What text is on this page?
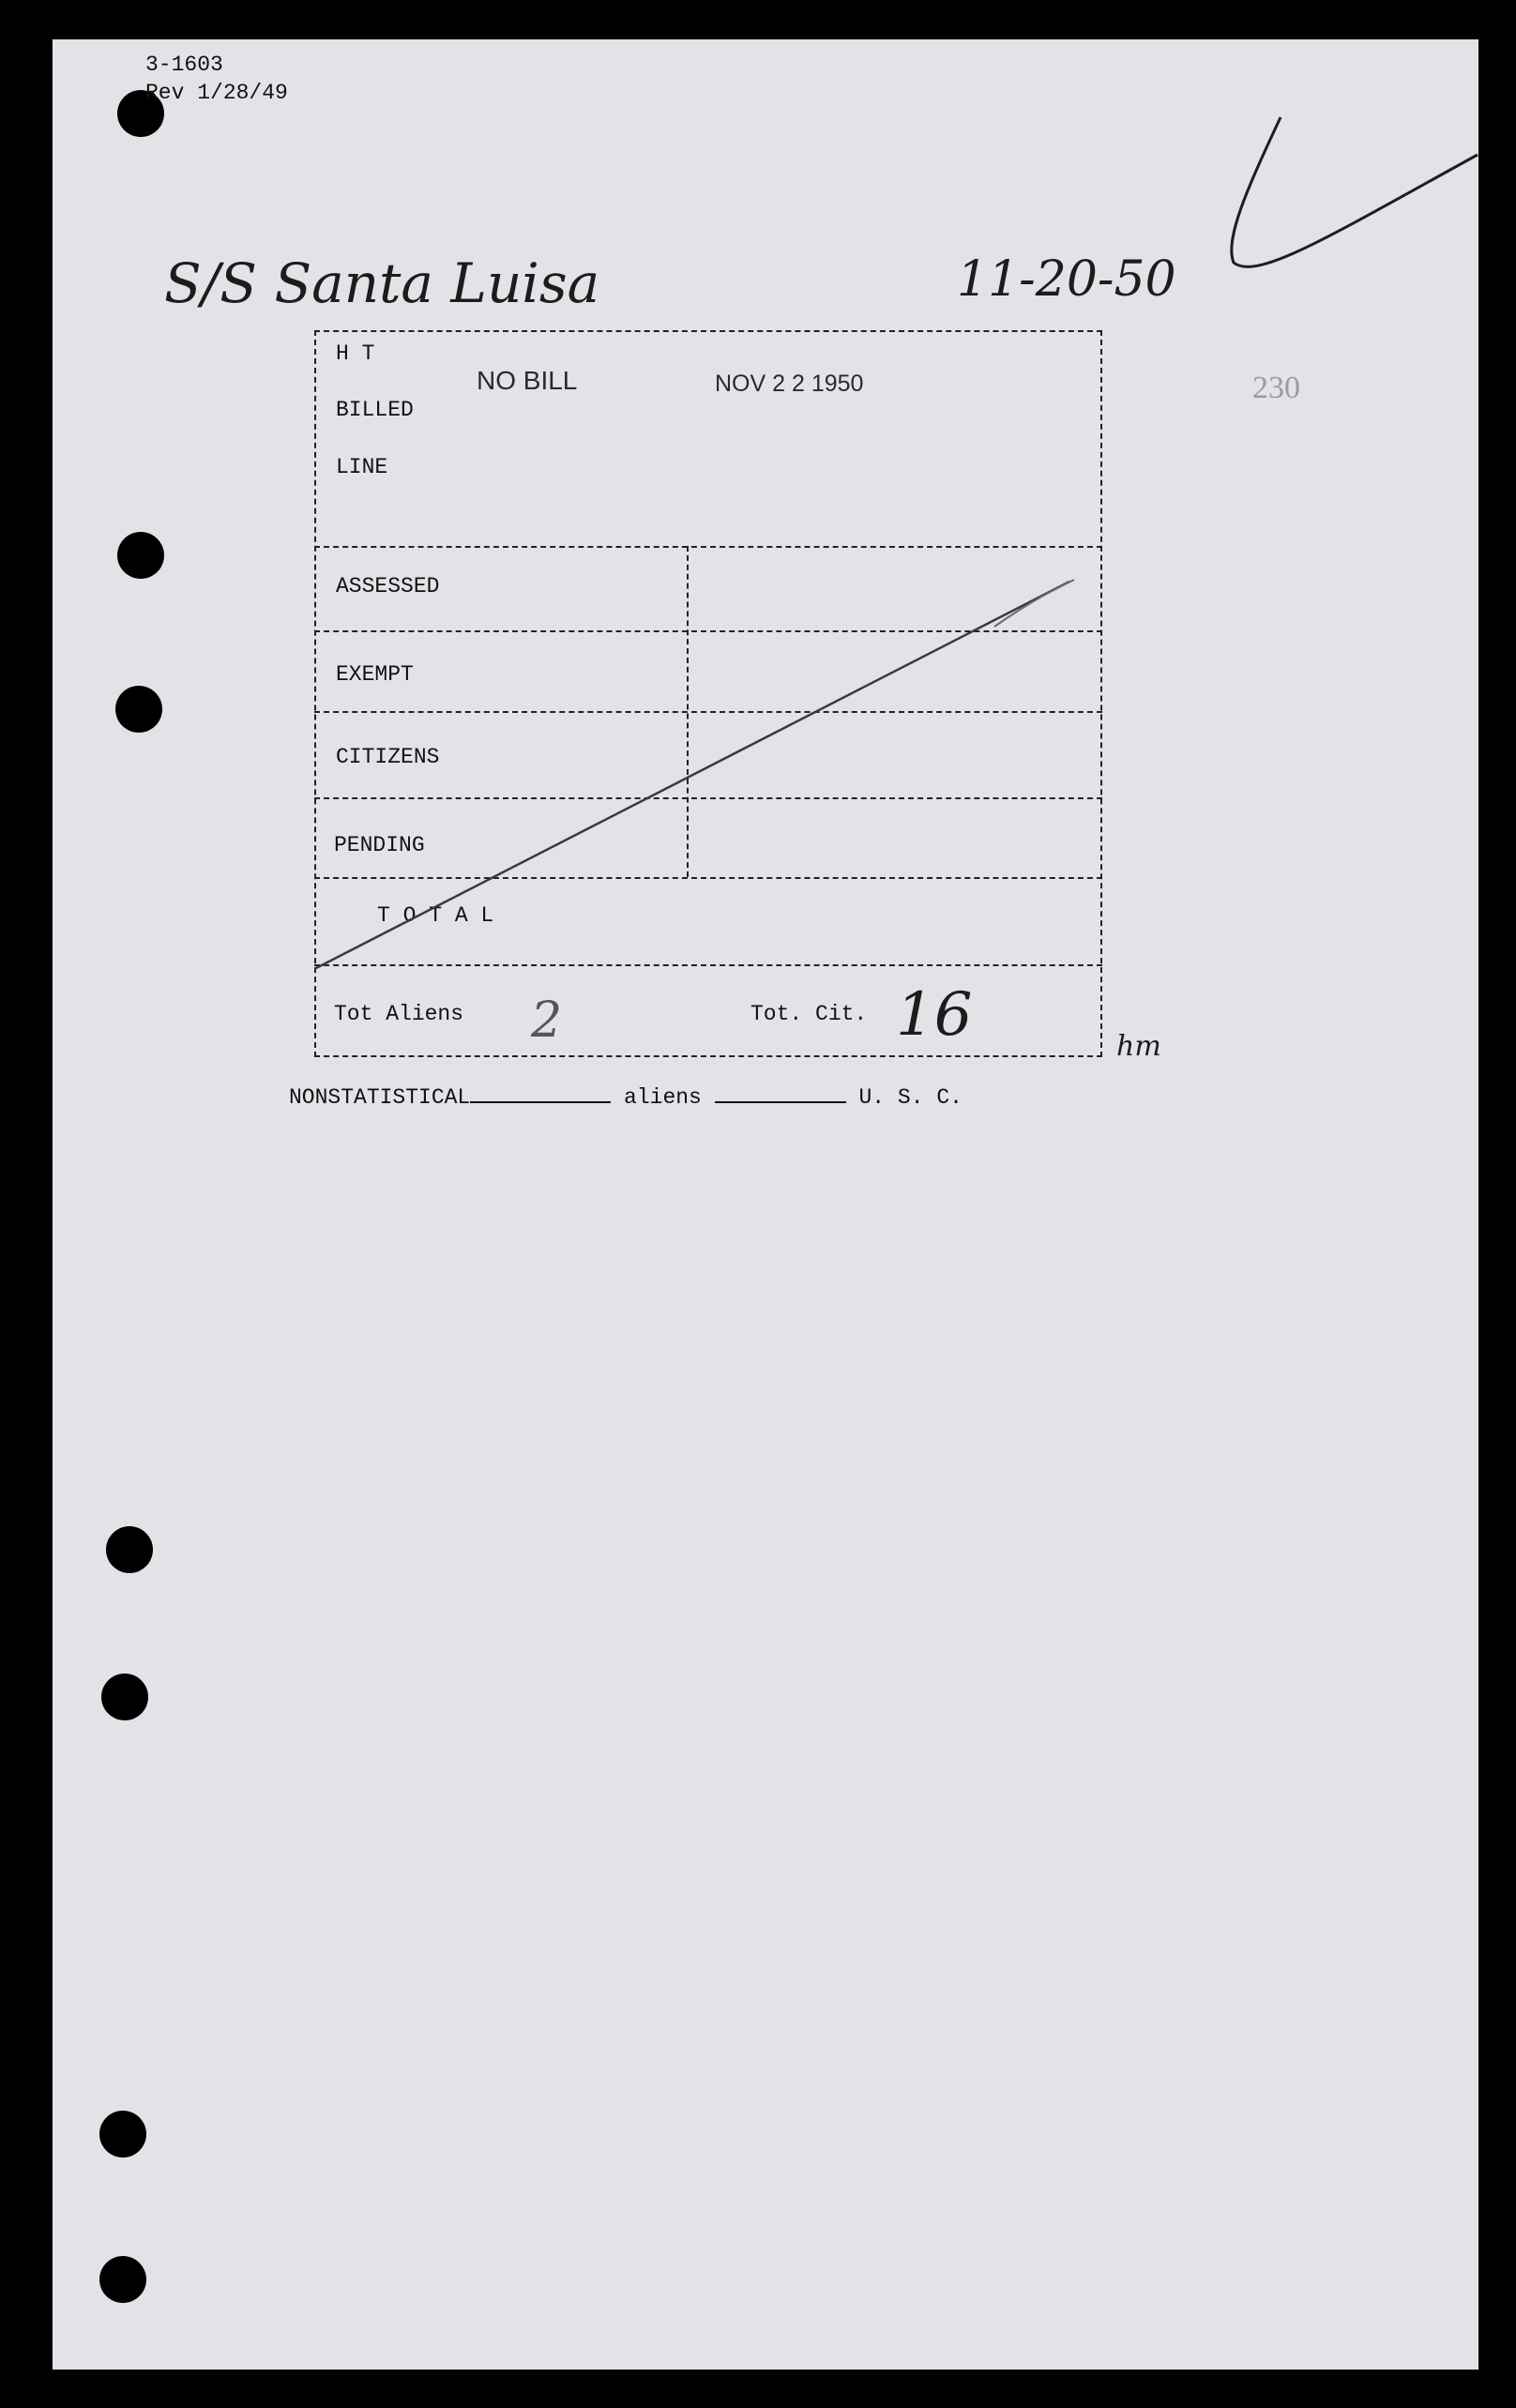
3-1603
Rev 1/28/49
S/S Santa Luisa	11-20-50
230
H T
BILLED
LINE
NO BILL	NOV 2 2 1950
ASSESSED
EXEMPT
CITIZENS
PENDING
T O T A L
Tot Aliens 2	Tot. Cit. 16	hm
NONSTATISTICAL	aliens	U. S. C.
